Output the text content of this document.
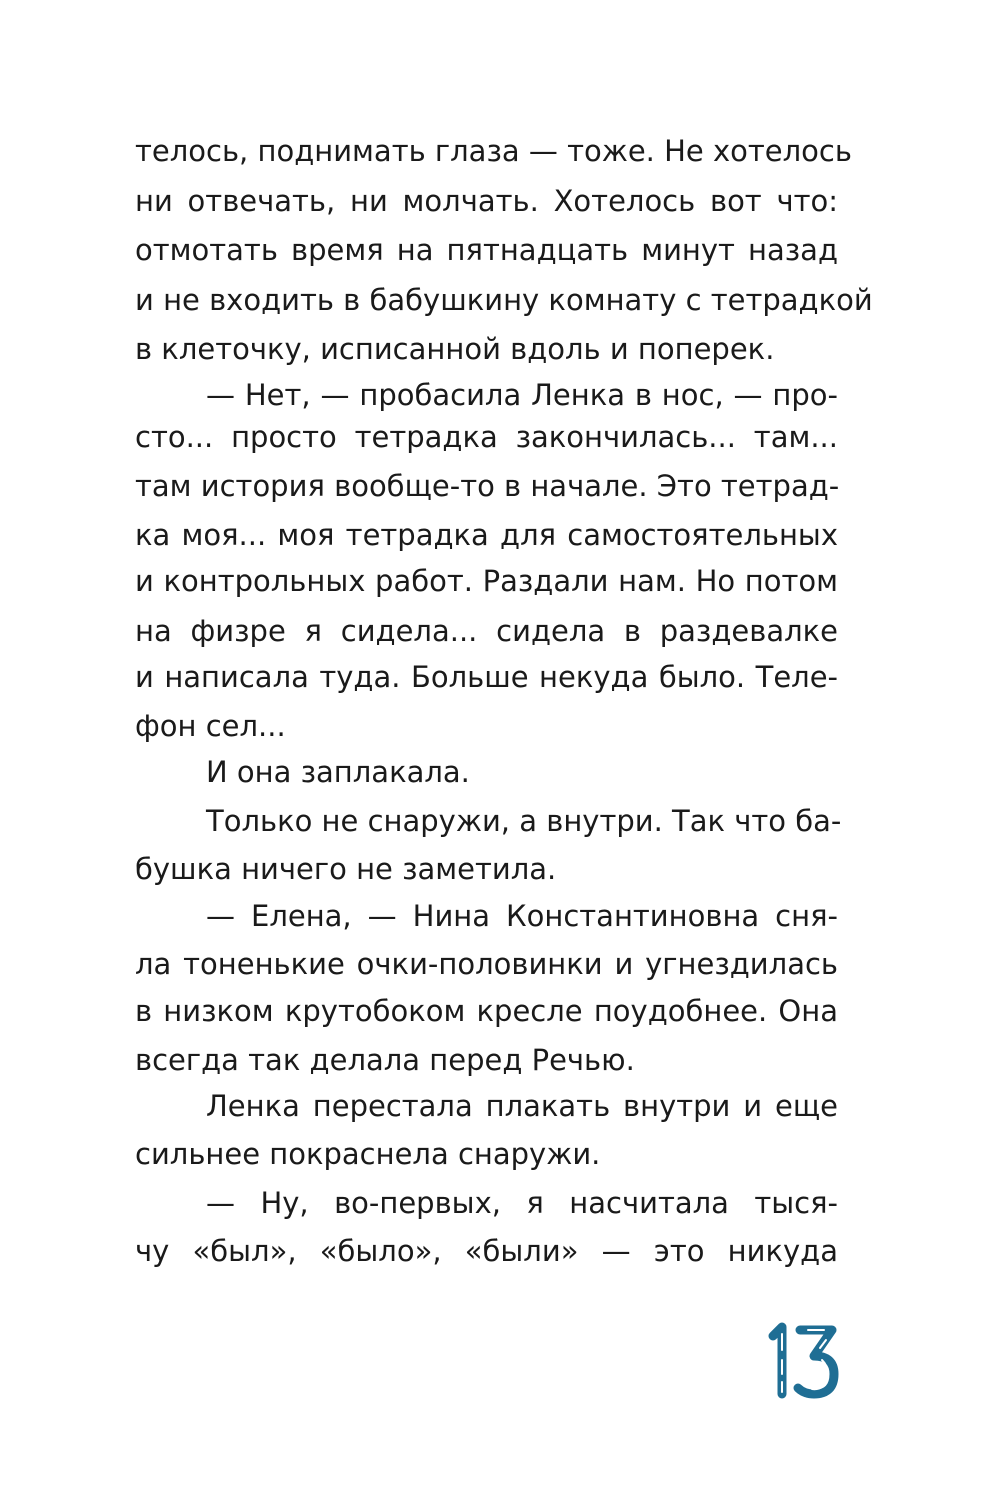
телось, поднимать глаза — тоже. Не хотелось
ни отвечать, ни молчать. Хотелось вот что:
отмотать время на пятнадцать минут назад
и не входить в бабушкину комнату с тетрадкой
в клеточку, исписанной вдоль и поперек.
— Нет, — пробасила Ленка в нос, — про-
сто... просто тетрадка закончилась... там...
там история вообще-то в начале. Это тетрад-
ка моя... моя тетрадка для самостоятельных
и контрольных работ. Раздали нам. Но потом
на физре я сидела... сидела в раздевалке
и написала туда. Больше некуда было. Теле-
фон сел...
И она заплакала.
Только не снаружи, а внутри. Так что ба-
бушка ничего не заметила.
— Елена, — Нина Константиновна сня-
ла тоненькие очки-половинки и угнездилась
в низком крутобоком кресле поудобнее. Она
всегда так делала перед Речью.
Ленка перестала плакать внутри и еще
сильнее покраснела снаружи.
— Ну, во-первых, я насчитала тыся-
чу «был», «было», «были» — это никуда
